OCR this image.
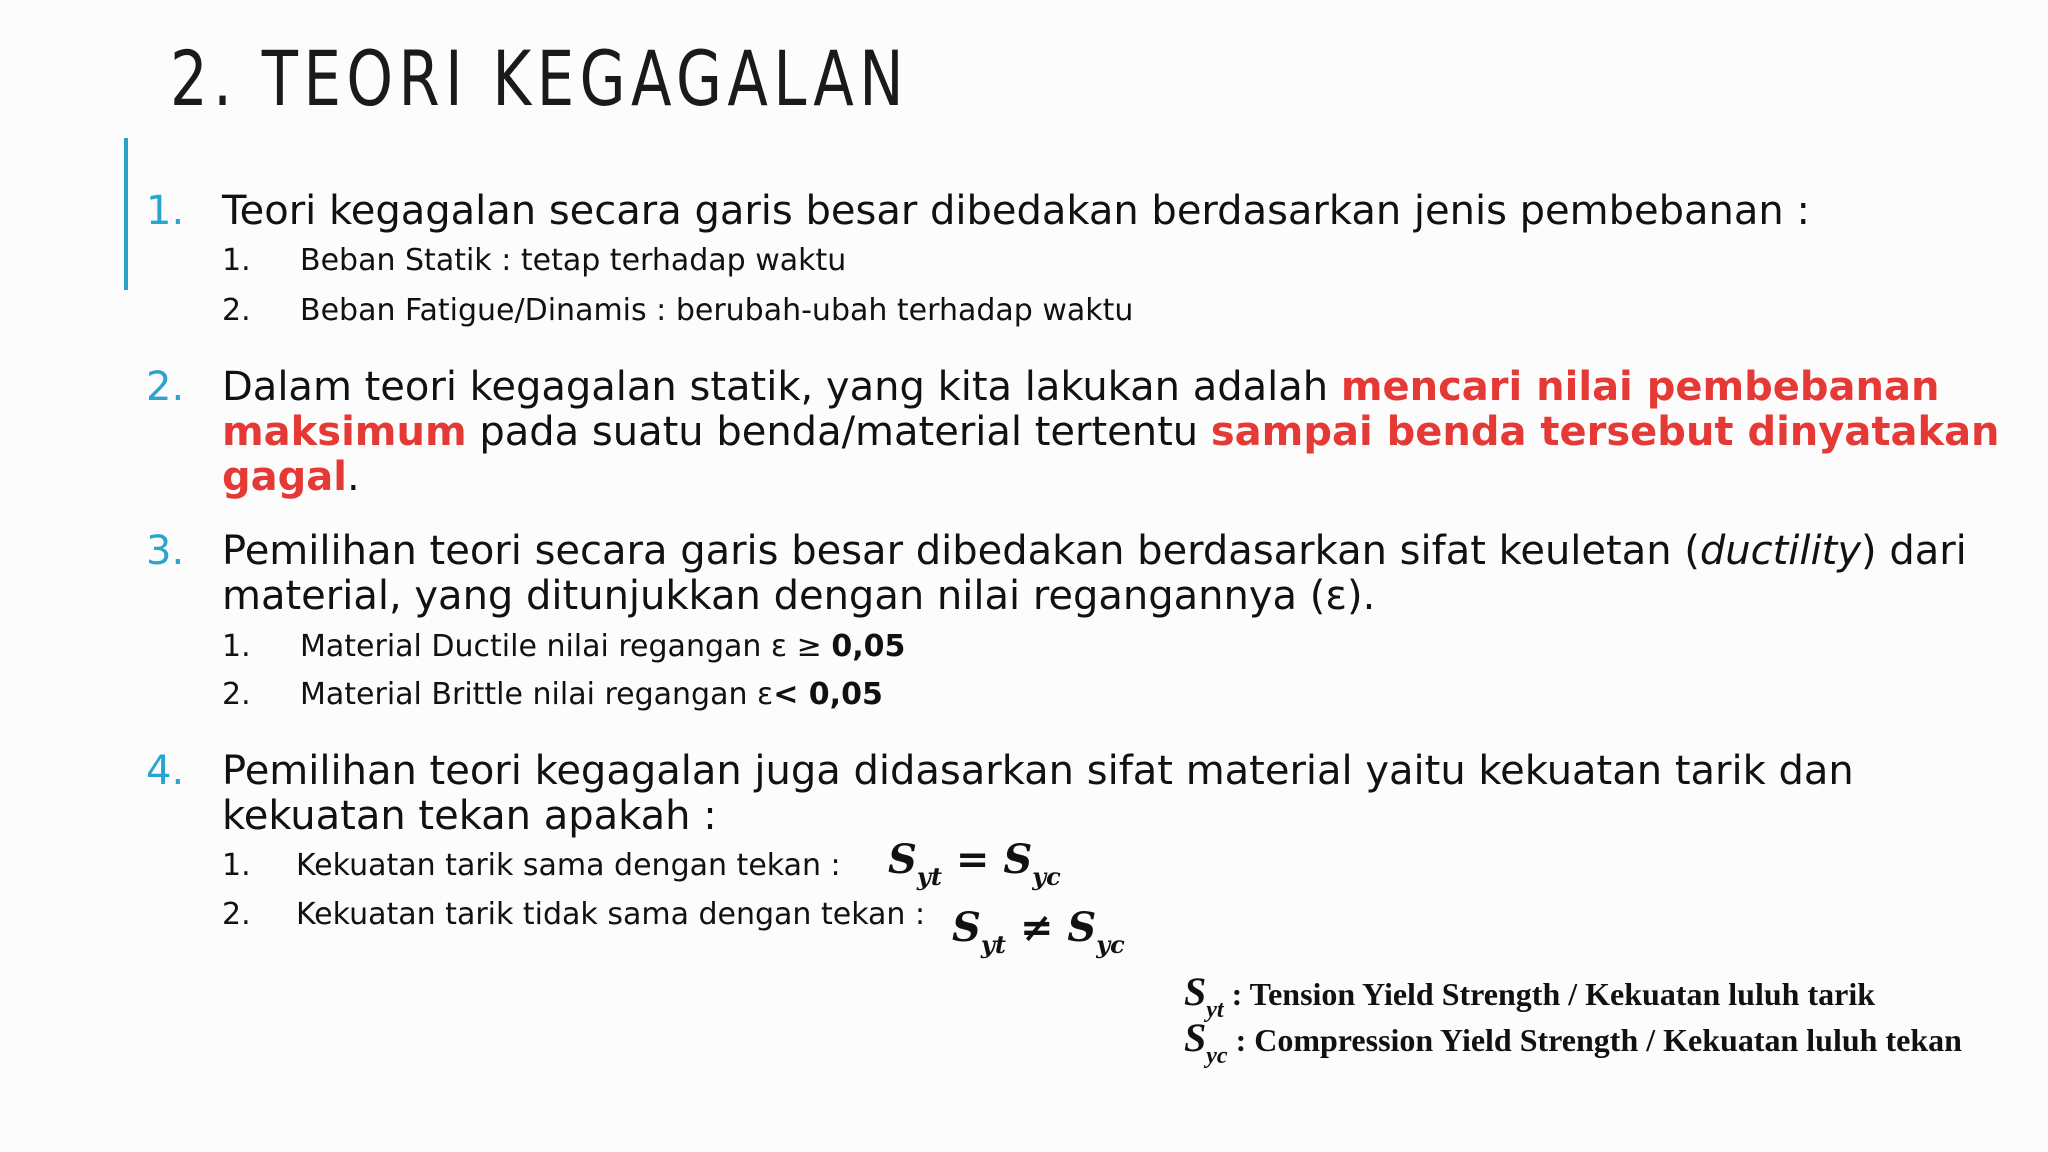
2. TEORI KEGAGALAN
1. Teori kegagalan secara garis besar dibedakan berdasarkan jenis pembebanan :
1. Beban Statik : tetap terhadap waktu
2. Beban Fatigue/Dinamis : berubah-ubah terhadap waktu
2. Dalam teori kegagalan statik, yang kita lakukan adalah mencari nilai pembebanan
maksimum pada suatu benda/material tertentu sampai benda tersebut dinyatakan
gagal.
3. Pemilihan teori secara garis besar dibedakan berdasarkan sifat keuletan (ductility) dari
material, yang ditunjukkan dengan nilai regangannya (ε).
1. Material Ductile nilai regangan ε ≥ 0,05
2. Material Brittle nilai regangan ε< 0,05
4. Pemilihan teori kegagalan juga didasarkan sifat material yaitu kekuatan tarik dan
kekuatan tekan apakah :
1. Kekuatan tarik sama dengan tekan : $S_{yt} = S_{yc}$
2. Kekuatan tarik tidak sama dengan tekan : $S_{yt} \ne S_{yc}$
$S_{yt}$ : Tension Yield Strength / Kekuatan luluh tarik
$S_{yc}$ : Compression Yield Strength / Kekuatan luluh tekan
